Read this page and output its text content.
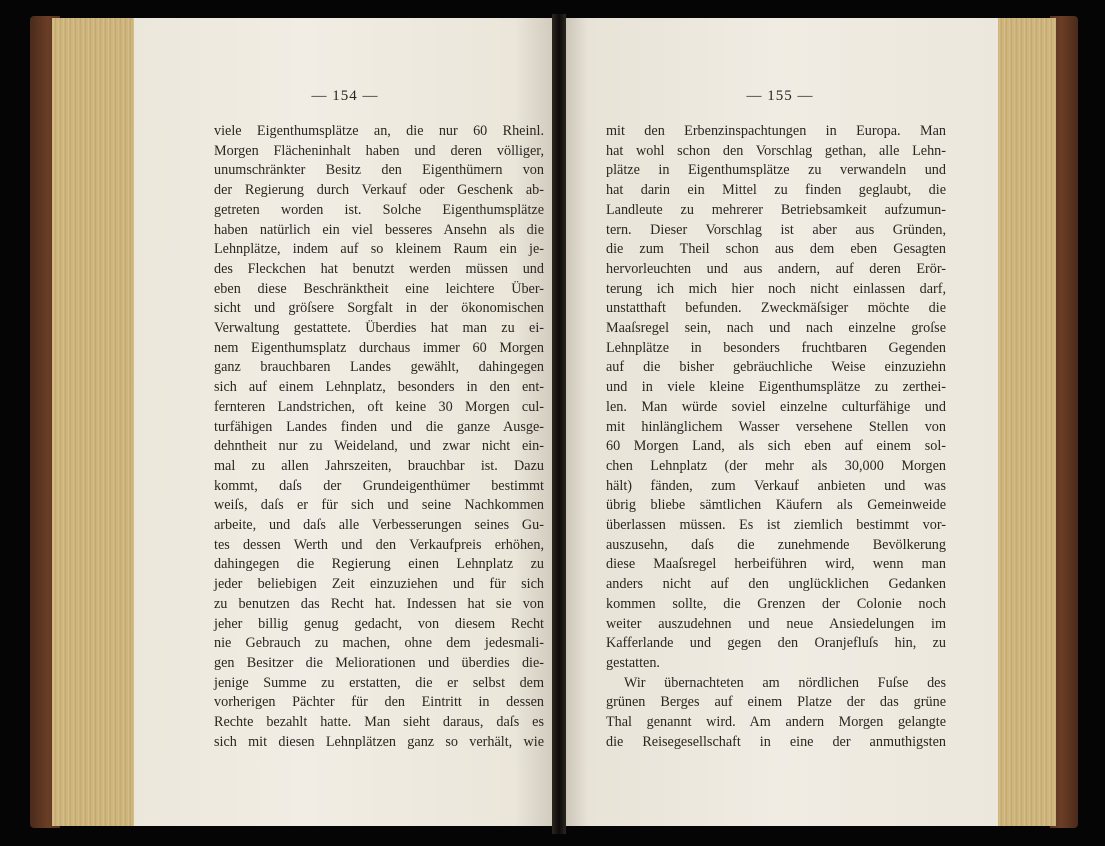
— 154 —
viele Eigenthumsplätze an, die nur 60 Rheinl.
Morgen Flächeninhalt haben und deren völliger,
unumschränkter Besitz den Eigenthümern von
der Regierung durch Verkauf oder Geschenk ab-
getreten worden ist. Solche Eigenthumsplätze
haben natürlich ein viel besseres Ansehn als die
Lehnplätze, indem auf so kleinem Raum ein je-
des Fleckchen hat benutzt werden müssen und
eben diese Beschränktheit eine leichtere Über-
sicht und gröſsere Sorgfalt in der ökonomischen
Verwaltung gestattete. Überdies hat man zu ei-
nem Eigenthumsplatz durchaus immer 60 Morgen
ganz brauchbaren Landes gewählt, dahingegen
sich auf einem Lehnplatz, besonders in den ent-
fernteren Landstrichen, oft keine 30 Morgen cul-
turfähigen Landes finden und die ganze Ausge-
dehntheit nur zu Weideland, und zwar nicht ein-
mal zu allen Jahrszeiten, brauchbar ist. Dazu
kommt, daſs der Grundeigenthümer bestimmt
weiſs, daſs er für sich und seine Nachkommen
arbeite, und daſs alle Verbesserungen seines Gu-
tes dessen Werth und den Verkaufpreis erhöhen,
dahingegen die Regierung einen Lehnplatz zu
jeder beliebigen Zeit einzuziehen und für sich
zu benutzen das Recht hat. Indessen hat sie von
jeher billig genug gedacht, von diesem Recht
nie Gebrauch zu machen, ohne dem jedesmali-
gen Besitzer die Meliorationen und überdies die-
jenige Summe zu erstatten, die er selbst dem
vorherigen Pächter für den Eintritt in dessen
Rechte bezahlt hatte. Man sieht daraus, daſs es
sich mit diesen Lehnplätzen ganz so verhält, wie
— 155 —
mit den Erbenzinspachtungen in Europa. Man
hat wohl schon den Vorschlag gethan, alle Lehn-
plätze in Eigenthumsplätze zu verwandeln und
hat darin ein Mittel zu finden geglaubt, die
Landleute zu mehrerer Betriebsamkeit aufzumun-
tern. Dieser Vorschlag ist aber aus Gründen,
die zum Theil schon aus dem eben Gesagten
hervorleuchten und aus andern, auf deren Erör-
terung ich mich hier noch nicht einlassen darf,
unstatthaft befunden. Zweckmäſsiger möchte die
Maaſsregel sein, nach und nach einzelne groſse
Lehnplätze in besonders fruchtbaren Gegenden
auf die bisher gebräuchliche Weise einzuziehn
und in viele kleine Eigenthumsplätze zu zerthei-
len. Man würde soviel einzelne culturfähige und
mit hinlänglichem Wasser versehene Stellen von
60 Morgen Land, als sich eben auf einem sol-
chen Lehnplatz (der mehr als 30,000 Morgen
hält) fänden, zum Verkauf anbieten und was
übrig bliebe sämtlichen Käufern als Gemeinweide
überlassen müssen. Es ist ziemlich bestimmt vor-
auszusehn, daſs die zunehmende Bevölkerung
diese Maaſsregel herbeiführen wird, wenn man
anders nicht auf den unglücklichen Gedanken
kommen sollte, die Grenzen der Colonie noch
weiter auszudehnen und neue Ansiedelungen im
Kafferlande und gegen den Oranjefluſs hin, zu
gestatten.
Wir übernachteten am nördlichen Fuſse des
grünen Berges auf einem Platze der das grüne
Thal genannt wird. Am andern Morgen gelangte
die Reisegesellschaft in eine der anmuthigsten
